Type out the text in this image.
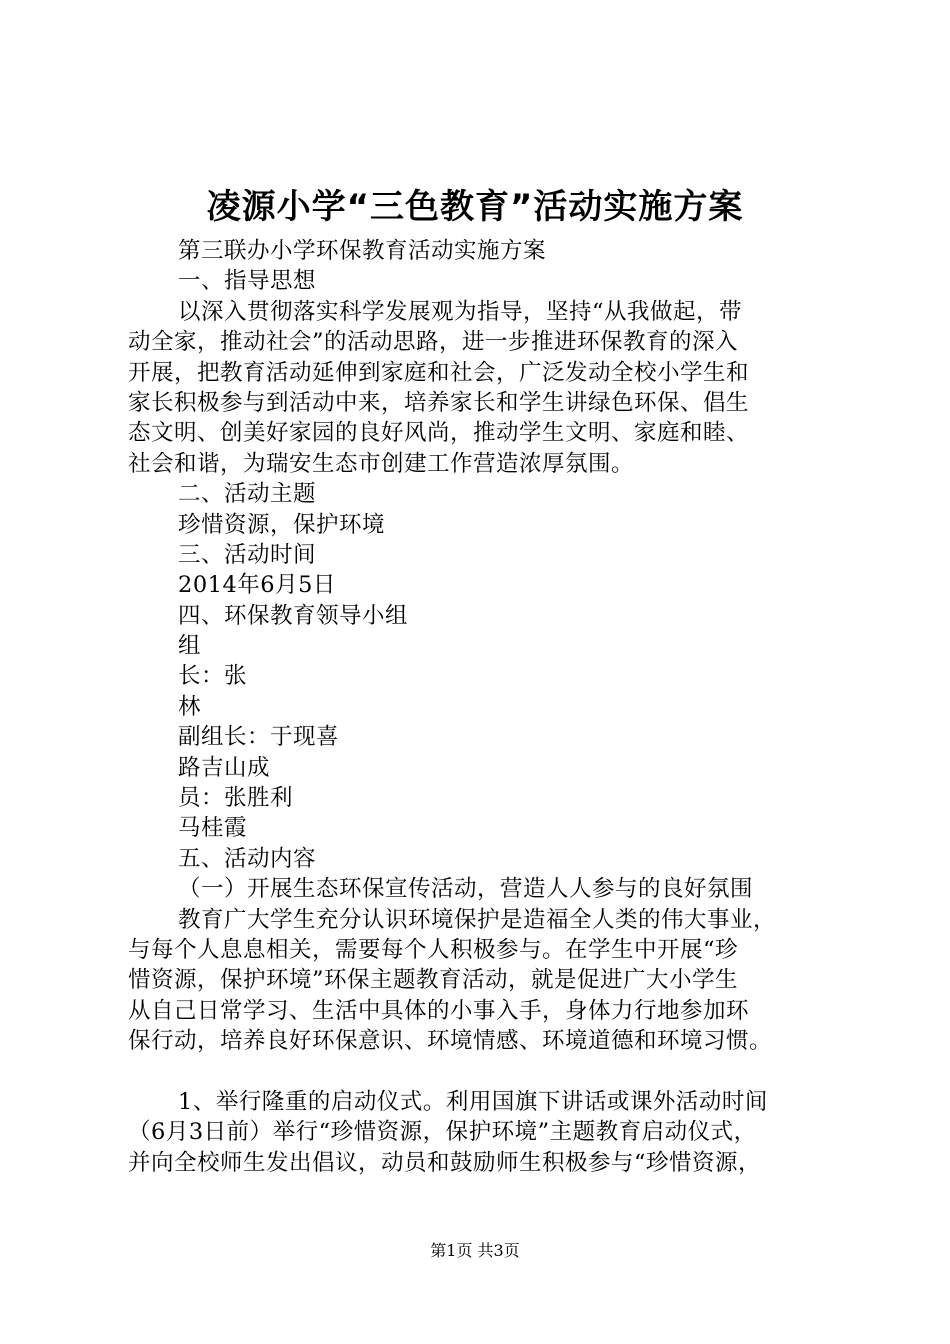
凌源小学“三色教育”活动实施方案
第三联办小学环保教育活动实施方案
一、指导思想
以深入贯彻落实科学发展观为指导，坚持“从我做起，带
动全家，推动社会”的活动思路，进一步推进环保教育的深入
开展，把教育活动延伸到家庭和社会，广泛发动全校小学生和
家长积极参与到活动中来，培养家长和学生讲绿色环保、倡生
态文明、创美好家园的良好风尚，推动学生文明、家庭和睦、
社会和谐，为瑞安生态市创建工作营造浓厚氛围。
二、活动主题
珍惜资源，保护环境
三、活动时间
2014年6月5日
四、环保教育领导小组
组
长：张
林
副组长：于现喜
路吉山成
员：张胜利
马桂霞
五、活动内容
（一）开展生态环保宣传活动，营造人人参与的良好氛围
教育广大学生充分认识环境保护是造福全人类的伟大事业，
与每个人息息相关，需要每个人积极参与。在学生中开展“珍
惜资源，保护环境”环保主题教育活动，就是促进广大小学生
从自己日常学习、生活中具体的小事入手，身体力行地参加环
保行动，培养良好环保意识、环境情感、环境道德和环境习惯。
1、举行隆重的启动仪式。利用国旗下讲话或课外活动时间
（6月3日前）举行“珍惜资源，保护环境”主题教育启动仪式，
并向全校师生发出倡议，动员和鼓励师生积极参与“珍惜资源，
第1页 共3页
